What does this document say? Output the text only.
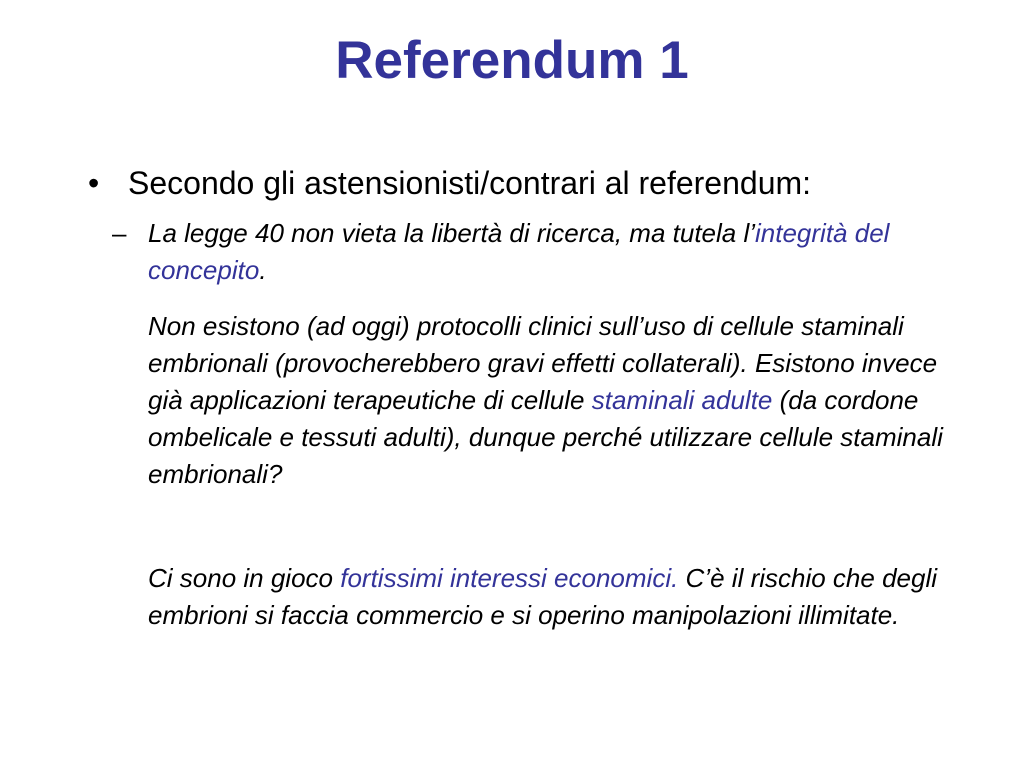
Referendum 1
• Secondo gli astensionisti/contrari al referendum:
– La legge 40 non vieta la libertà di ricerca, ma tutela l’integrità del concepito.
Non esistono (ad oggi) protocolli clinici sull’uso di cellule staminali embrionali (provocherebbero gravi effetti collaterali). Esistono invece già applicazioni terapeutiche di cellule staminali adulte (da cordone ombelicale e tessuti adulti), dunque perché utilizzare cellule staminali embrionali?
Ci sono in gioco fortissimi interessi economici. C’è il rischio che degli embrioni si faccia commercio e si operino manipolazioni illimitate.
